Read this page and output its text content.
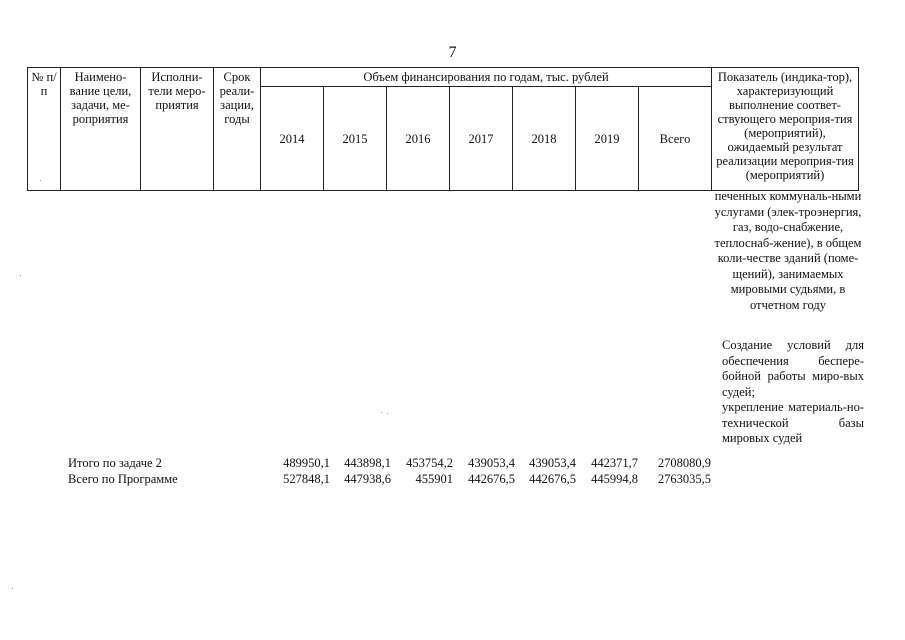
7
№ п/п	Наимено-вание цели, задачи, ме-роприятия	Исполни-тели меро-приятия	Срок реали-зации, годы	Объем финансирования по годам, тыс. рублей							Показатель (индика-тор), характеризующий выполнение соответ-ствующего мероприя-тия (мероприятий), ожидаемый результат реализации мероприя-тия (мероприятий)
				2014	2015	2016	2017	2018	2019	Всего	
печенных коммуналь-ными услугами (элек-троэнергия, газ, водо-снабжение, теплоснаб-жение), в общем коли-честве зданий (поме-щений), занимаемых мировыми судьями, в отчетном году

Создание условий для обеспечения беспере-бойной работы миро-вых судей;

укрепление материаль-но-технической базы мировых судей

Итого по задаче 2	489950,1	443898,1	453754,2	439053,4	439053,4	442371,7	2708080,9
Всего по Программе	527848,1	447938,6	455901	442676,5	442676,5	445994,8	2763035,5
